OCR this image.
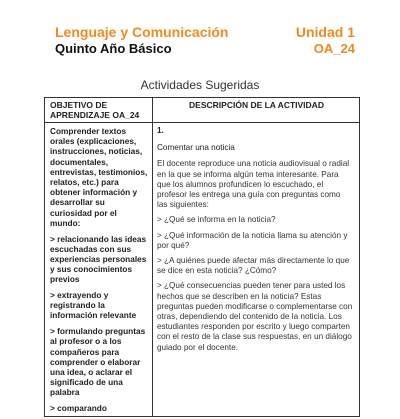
Lenguaje y Comunicación
Quinto Año Básico
Unidad 1
OA_24
Actividades Sugeridas
OBJETIVO DE APRENDIZAJE OA_24
DESCRIPCIÓN DE LA ACTIVIDAD

Comprender textos orales (explicaciones, instrucciones, noticias, documentales, entrevistas, testimonios, relatos, etc.) para obtener información y desarrollar su curiosidad por el mundo:

> relacionando las ideas escuchadas con sus experiencias personales y sus conocimientos previos

> extrayendo y registrando la información relevante

> formulando preguntas al profesor o a los compañeros para comprender o elaborar una idea, o aclarar el significado de una palabra

> comparando

1.

Comentar una noticia

El docente reproduce una noticia audiovisual o radial en la que se informa algún tema interesante. Para que los alumnos profundicen lo escuchado, el profesor les entrega una guía con preguntas como las siguientes:

> ¿Qué se informa en la noticia?

> ¿Qué información de la noticia llama su atención y por qué?

> ¿A quiénes puede afectar más directamente lo que se dice en esta noticia? ¿Cómo?

> ¿Qué consecuencias pueden tener para usted los hechos que se describen en la noticia? Estas preguntas pueden modificarse o complementarse con otras, dependiendo del contenido de la noticia. Los estudiantes responden por escrito y luego comparten con el resto de la clase sus respuestas, en un diálogo guiado por el docente.
